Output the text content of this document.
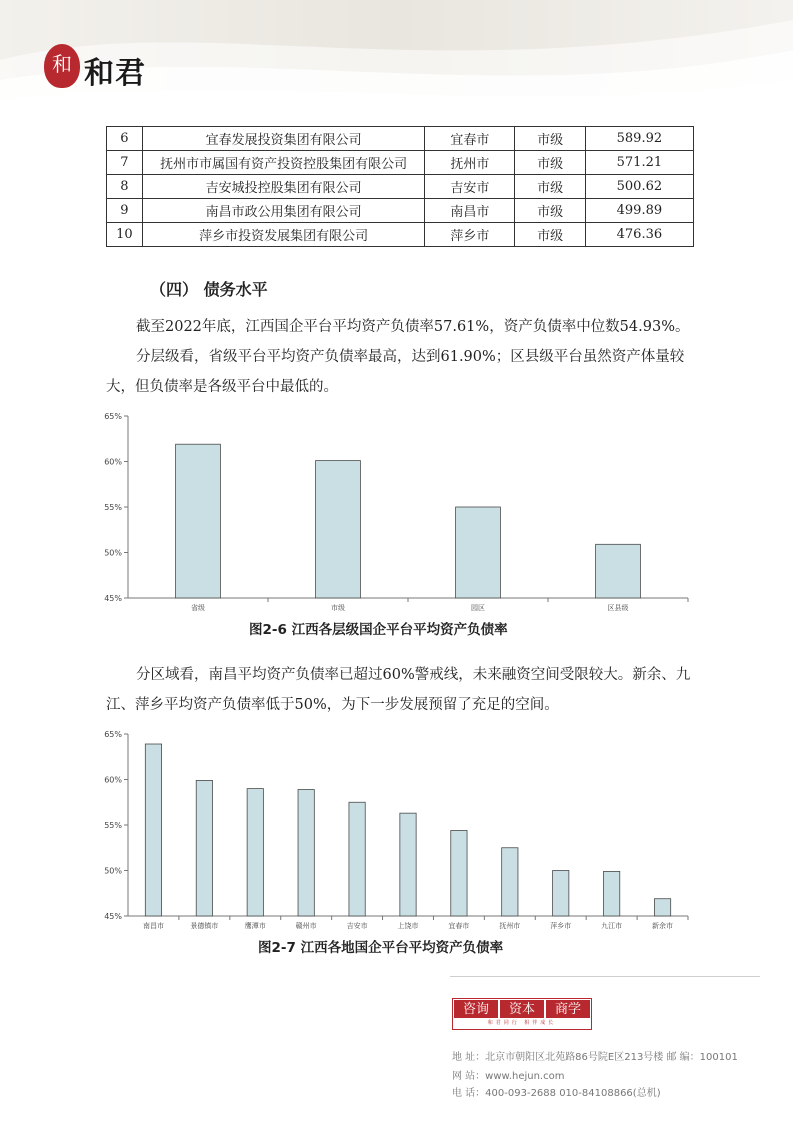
和 和君
6	宜春发展投资集团有限公司	宜春市	市级	589.92
7	抚州市市属国有资产投资控股集团有限公司	抚州市	市级	571.21
8	吉安城投控股集团有限公司	吉安市	市级	500.62
9	南昌市政公用集团有限公司	南昌市	市级	499.89
10	萍乡市投资发展集团有限公司	萍乡市	市级	476.36
（四） 债务水平
截至2022年底，江西国企平台平均资产负债率57.61%，资产负债率中位数54.93%。
分层级看，省级平台平均资产负债率最高，达到61.90%；区县级平台虽然资产体量较大，但负债率是各级平台中最低的。
45%
50%
55%
60%
65%
省级	市级	园区	区县级
图2-6 江西各层级国企平台平均资产负债率
分区域看，南昌平均资产负债率已超过60%警戒线，未来融资空间受限较大。新余、九江、萍乡平均资产负债率低于50%，为下一步发展预留了充足的空间。
45%
50%
55%
60%
65%
南昌市	景德镇市	鹰潭市	赣州市	吉安市	上饶市	宜春市	抚州市	萍乡市	九江市	新余市
图2-7 江西各地国企平台平均资产负债率
咨询	资本	商学
和君同行 相伴成长
地 址：北京市朝阳区北苑路86号院E区213号楼 邮 编：100101
网 站：www.hejun.com
电 话：400-093-2688 010-84108866(总机)
